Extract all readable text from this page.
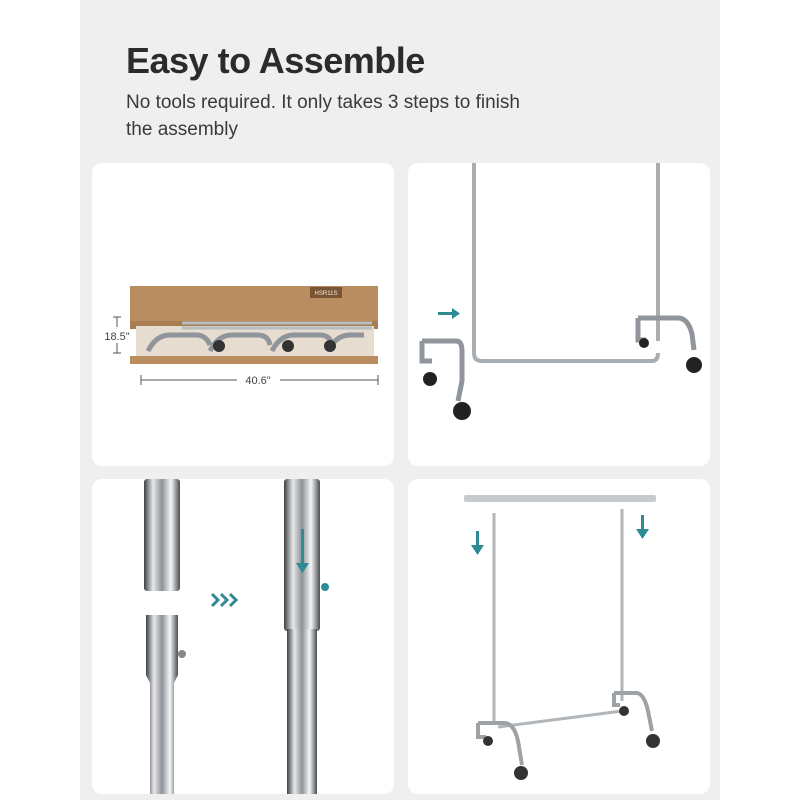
Easy to Assemble

No tools required. It only takes 3 steps to finish the assembly

HSR11S
18.5"
40.6"
